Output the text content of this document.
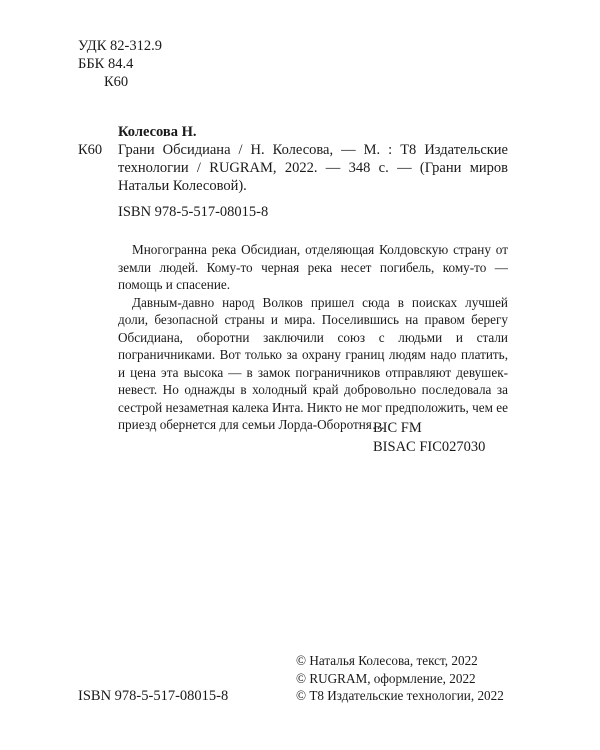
УДК 82-312.9
ББК 84.4
К60
К60
Колесова Н.
Грани Обсидиана / Н. Колесова, — М. : Т8 Издательские технологии / RUGRAM, 2022. — 348 с. — (Грани миров Натальи Колесовой).
ISBN 978-5-517-08015-8

Многогранна река Обсидиан, отделяющая Колдовскую страну от земли людей. Кому-то черная река несет погибель, кому-то — помощь и спасение.

Давным-давно народ Волков пришел сюда в поисках лучшей доли, безопасной страны и мира. Поселившись на правом берегу Обсидиана, оборотни заключили союз с людьми и стали пограничниками. Вот только за охрану границ людям надо платить, и цена эта высока — в замок пограничников отправляют девушек-невест. Но однажды в холодный край добровольно последовала за сестрой незаметная калека Инта. Никто не мог предположить, чем ее приезд обернется для семьи Лорда-Оборотня…

BIC FM
BISAC FIC027030
© Наталья Колесова, текст, 2022
© RUGRAM, оформление, 2022
© Т8 Издательские технологии, 2022
ISBN 978-5-517-08015-8
